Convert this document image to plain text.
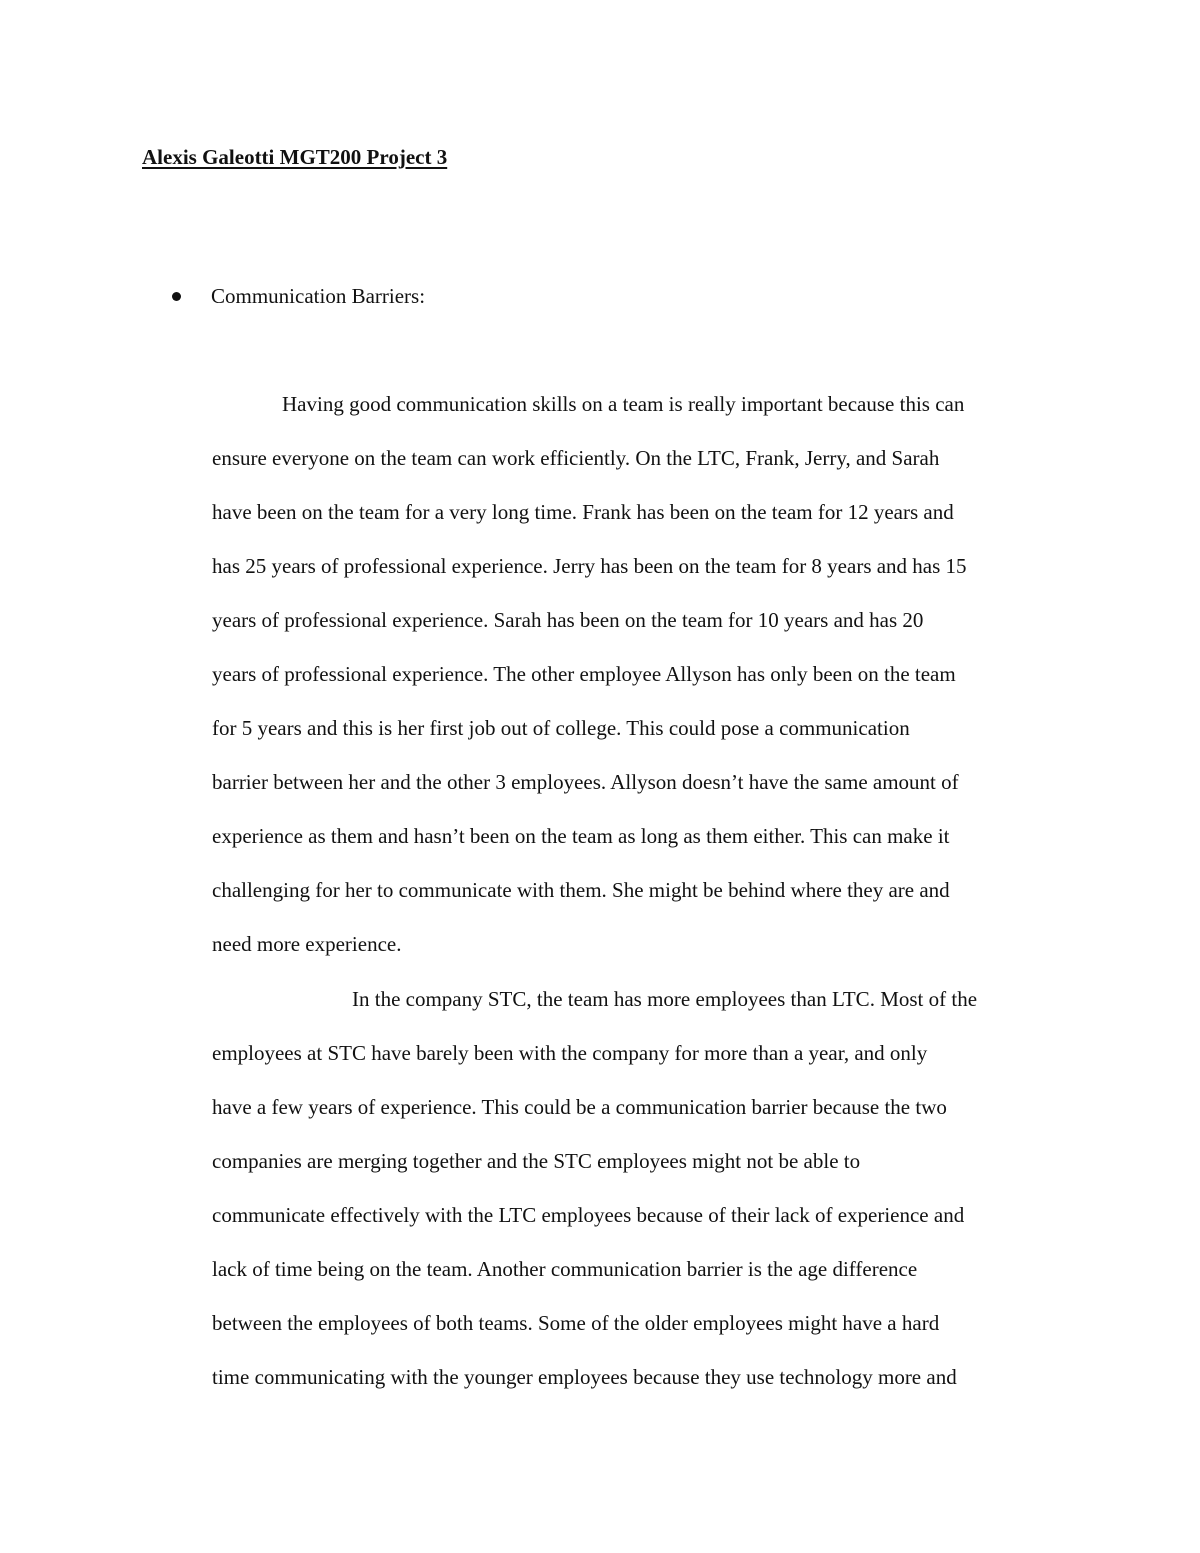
Alexis Galeotti MGT200 Project 3
Communication Barriers:
Having good communication skills on a team is really important because this can
ensure everyone on the team can work efficiently. On the LTC, Frank, Jerry, and Sarah
have been on the team for a very long time. Frank has been on the team for 12 years and
has 25 years of professional experience. Jerry has been on the team for 8 years and has 15
years of professional experience. Sarah has been on the team for 10 years and has 20
years of professional experience. The other employee Allyson has only been on the team
for 5 years and this is her first job out of college. This could pose a communication
barrier between her and the other 3 employees. Allyson doesn’t have the same amount of
experience as them and hasn’t been on the team as long as them either. This can make it
challenging for her to communicate with them. She might be behind where they are and
need more experience.
In the company STC, the team has more employees than LTC. Most of the
employees at STC have barely been with the company for more than a year, and only
have a few years of experience. This could be a communication barrier because the two
companies are merging together and the STC employees might not be able to
communicate effectively with the LTC employees because of their lack of experience and
lack of time being on the team. Another communication barrier is the age difference
between the employees of both teams. Some of the older employees might have a hard
time communicating with the younger employees because they use technology more and
